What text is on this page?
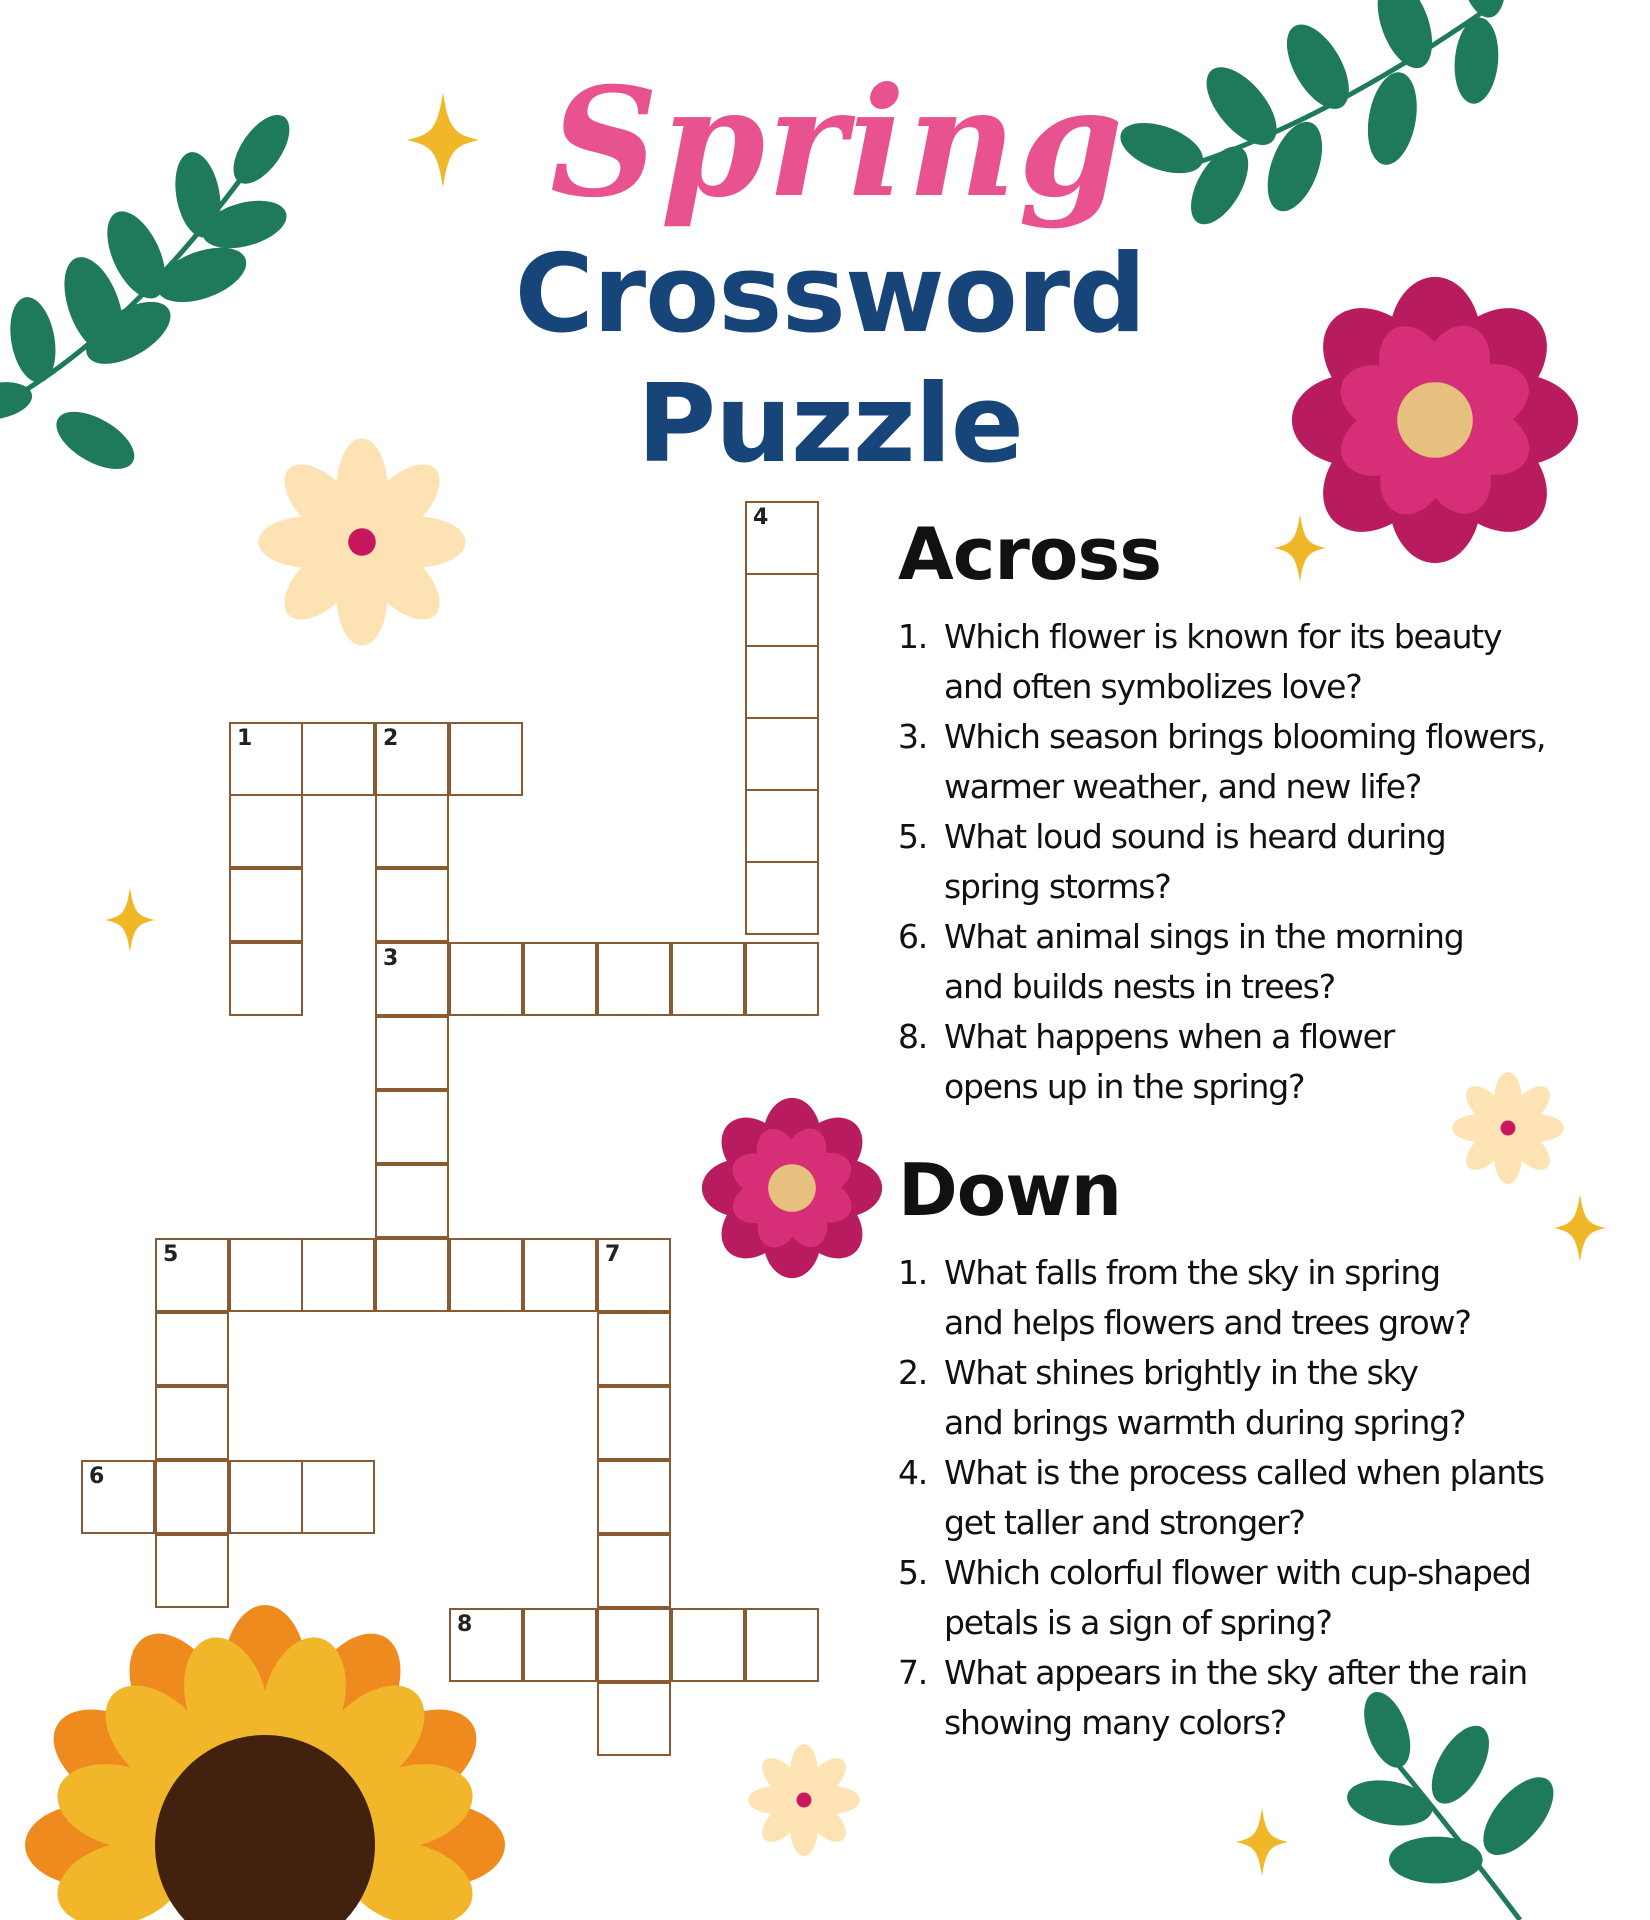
Spring
Crossword Puzzle
4
1	2
3
5	7
6
8
Across
1. Which flower is known for its beauty
and often symbolizes love?
3. Which season brings blooming flowers,
warmer weather, and new life?
5. What loud sound is heard during
spring storms?
6. What animal sings in the morning
and builds nests in trees?
8. What happens when a flower
opens up in the spring?
Down
1. What falls from the sky in spring
and helps flowers and trees grow?
2. What shines brightly in the sky
and brings warmth during spring?
4. What is the process called when plants
get taller and stronger?
5. Which colorful flower with cup-shaped
petals is a sign of spring?
7. What appears in the sky after the rain
showing many colors?
